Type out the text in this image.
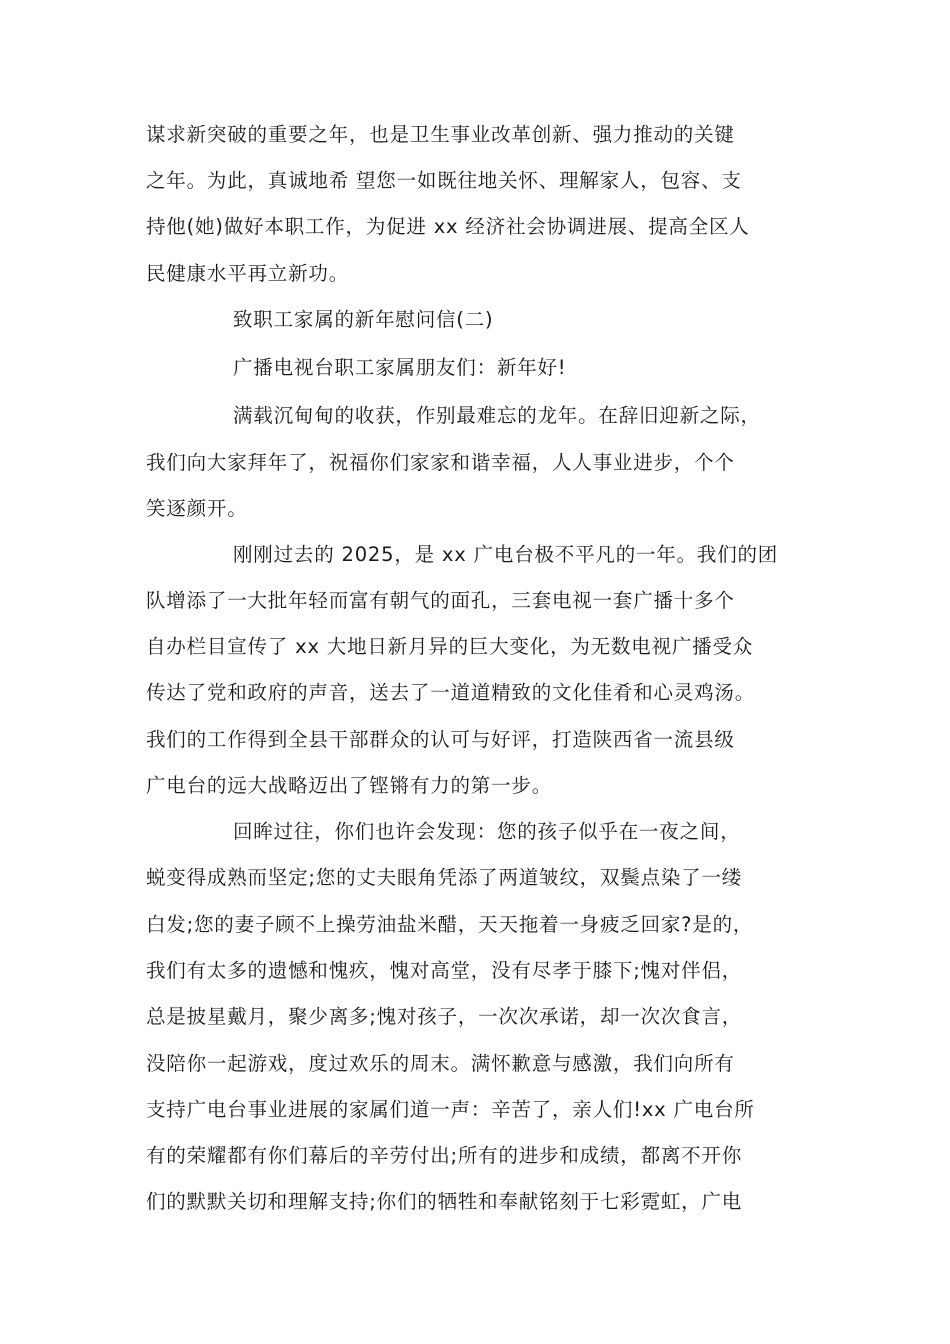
谋求新突破的重要之年，也是卫生事业改革创新、强力推动的关键
之年。为此，真诚地希 望您一如既往地关怀、理解家人，包容、支
持他(她)做好本职工作，为促进 xx 经济社会协调进展、提高全区人
民健康水平再立新功。
致职工家属的新年慰问信(二)
广播电视台职工家属朋友们：新年好!
满载沉甸甸的收获，作别最难忘的龙年。在辞旧迎新之际，
我们向大家拜年了，祝福你们家家和谐幸福，人人事业进步，个个
笑逐颜开。
刚刚过去的 2025，是 xx 广电台极不平凡的一年。我们的团
队增添了一大批年轻而富有朝气的面孔，三套电视一套广播十多个
自办栏目宣传了 xx 大地日新月异的巨大变化，为无数电视广播受众
传达了党和政府的声音，送去了一道道精致的文化佳肴和心灵鸡汤。
我们的工作得到全县干部群众的认可与好评，打造陕西省一流县级
广电台的远大战略迈出了铿锵有力的第一步。
回眸过往，你们也许会发现：您的孩子似乎在一夜之间，
蜕变得成熟而坚定;您的丈夫眼角凭添了两道皱纹，双鬓点染了一缕
白发;您的妻子顾不上操劳油盐米醋，天天拖着一身疲乏回家?是的，
我们有太多的遗憾和愧疚，愧对高堂，没有尽孝于膝下;愧对伴侣，
总是披星戴月，聚少离多;愧对孩子，一次次承诺，却一次次食言，
没陪你一起游戏，度过欢乐的周末。满怀歉意与感激，我们向所有
支持广电台事业进展的家属们道一声：辛苦了，亲人们!xx 广电台所
有的荣耀都有你们幕后的辛劳付出;所有的进步和成绩，都离不开你
们的默默关切和理解支持;你们的牺牲和奉献铭刻于七彩霓虹，广电
